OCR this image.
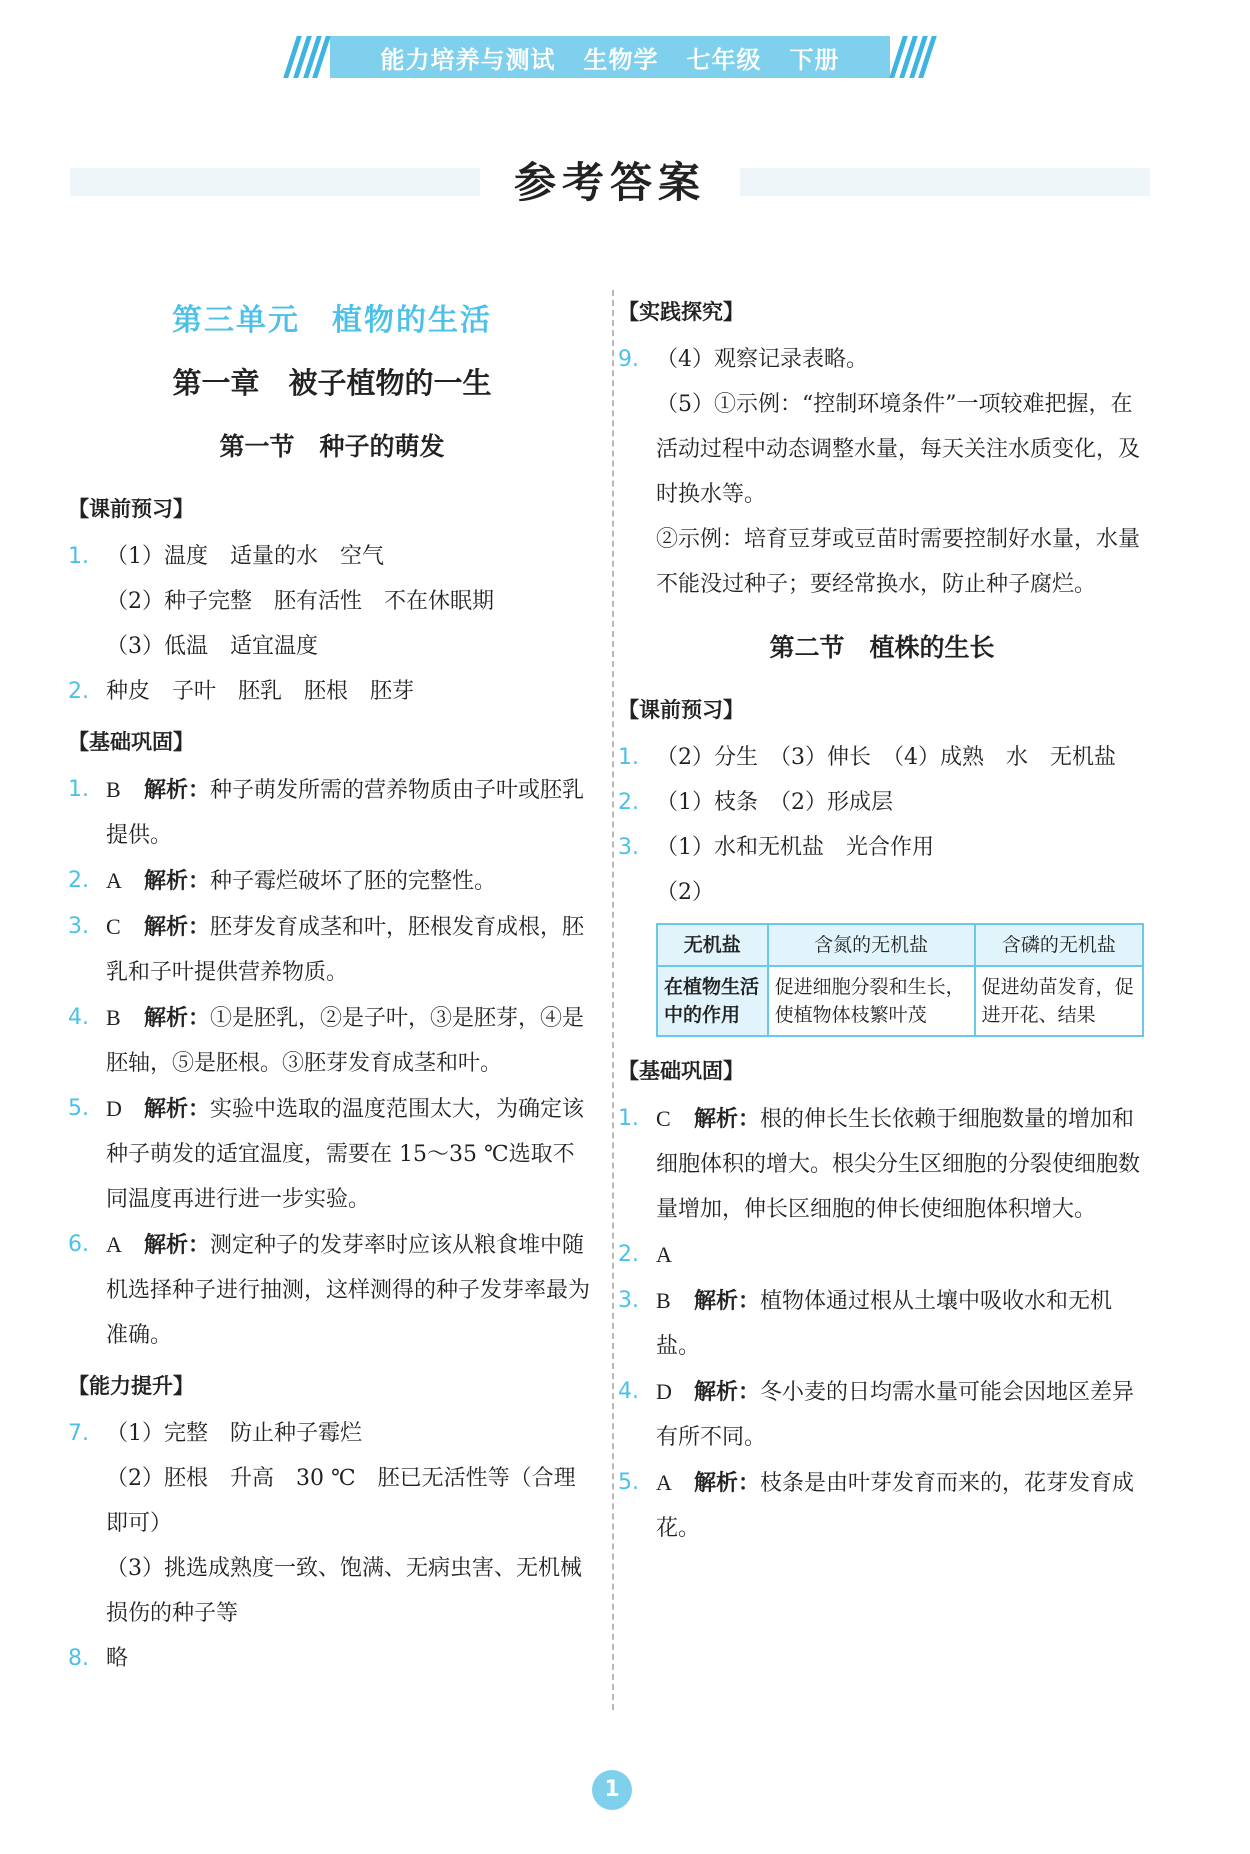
能力培养与测试 生物学 七年级 下册
参考答案
第三单元　植物的生活
第一章　被子植物的一生
第一节　种子的萌发
【课前预习】
1. （1）温度　适量的水　空气
（2）种子完整　胚有活性　不在休眠期
（3）低温　适宜温度
2. 种皮　子叶　胚乳　胚根　胚芽
【基础巩固】
1. B 解析：种子萌发所需的营养物质由子叶或胚乳提供。
2. A 解析：种子霉烂破坏了胚的完整性。
3. C 解析：胚芽发育成茎和叶，胚根发育成根，胚乳和子叶提供营养物质。
4. B 解析：①是胚乳，②是子叶，③是胚芽，④是胚轴，⑤是胚根。③胚芽发育成茎和叶。
5. D 解析：实验中选取的温度范围太大，为确定该种子萌发的适宜温度，需要在 15～35 ℃选取不同温度再进行进一步实验。
6. A 解析：测定种子的发芽率时应该从粮食堆中随机选择种子进行抽测，这样测得的种子发芽率最为准确。
【能力提升】
7. （1）完整　防止种子霉烂
（2）胚根　升高　30 ℃　胚已无活性等（合理即可）
（3）挑选成熟度一致、饱满、无病虫害、无机械损伤的种子等
8. 略
【实践探究】
9. （4）观察记录表略。
（5）①示例：“控制环境条件”一项较难把握，在活动过程中动态调整水量，每天关注水质变化，及时换水等。
②示例：培育豆芽或豆苗时需要控制好水量，水量不能没过种子；要经常换水，防止种子腐烂。
第二节　植株的生长
【课前预习】
1. （2）分生　（3）伸长　（4）成熟　水　无机盐
2. （1）枝条　（2）形成层
3. （1）水和无机盐　光合作用
（2）
无机盐	含氮的无机盐	含磷的无机盐
在植物生活中的作用	促进细胞分裂和生长，使植物体枝繁叶茂	促进幼苗发育，促进开花、结果
【基础巩固】
1. C 解析：根的伸长生长依赖于细胞数量的增加和细胞体积的增大。根尖分生区细胞的分裂使细胞数量增加，伸长区细胞的伸长使细胞体积增大。
2. A
3. B 解析：植物体通过根从土壤中吸收水和无机盐。
4. D 解析：冬小麦的日均需水量可能会因地区差异有所不同。
5. A 解析：枝条是由叶芽发育而来的，花芽发育成花。
1
